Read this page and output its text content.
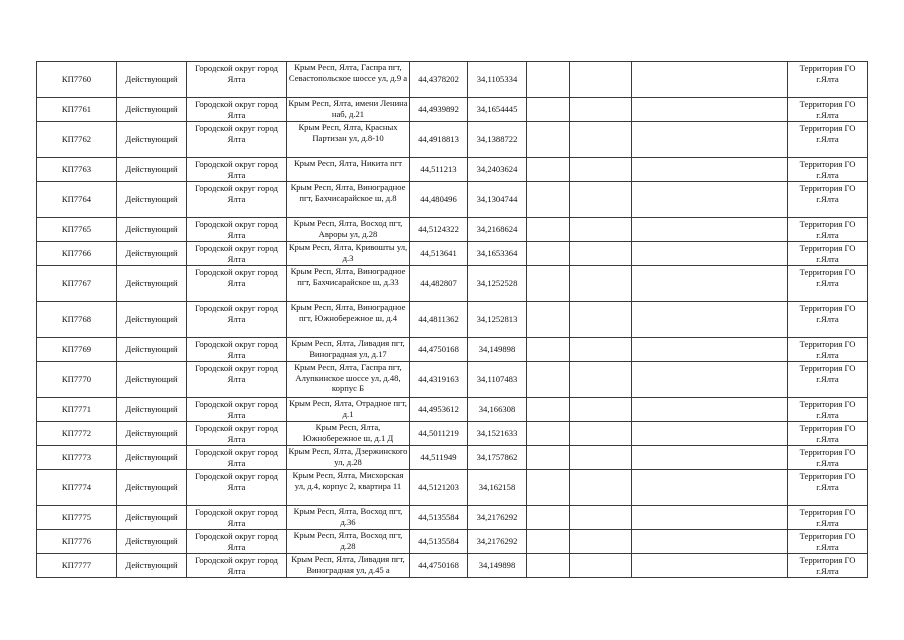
КП7760	Действующий	Городской округ город Ялта	Крым Респ, Ялта, Гаспра пгт, Севастопольское шоссе ул, д.9 а	44,4378202	34,1105334				Территория ГО г.Ялта
КП7761	Действующий	Городской округ город Ялта	Крым Респ, Ялта, имени Ленина наб, д.21	44,4939892	34,1654445				Территория ГО г.Ялта
КП7762	Действующий	Городской округ город Ялта	Крым Респ, Ялта, Красных Партизан ул, д.8-10	44,4918813	34,1388722				Территория ГО г.Ялта
КП7763	Действующий	Городской округ город Ялта	Крым Респ, Ялта, Никита пгт	44,511213	34,2403624				Территория ГО г.Ялта
КП7764	Действующий	Городской округ город Ялта	Крым Респ, Ялта, Виноградное пгт, Бахчисарайское ш, д.8	44,480496	34,1304744				Территория ГО г.Ялта
КП7765	Действующий	Городской округ город Ялта	Крым Респ, Ялта, Восход пгт, Авроры ул, д.28	44,5124322	34,2168624				Территория ГО г.Ялта
КП7766	Действующий	Городской округ город Ялта	Крым Респ, Ялта, Кривошты ул, д.3	44,513641	34,1653364				Территория ГО г.Ялта
КП7767	Действующий	Городской округ город Ялта	Крым Респ, Ялта, Виноградное пгт, Бахчисарайское ш, д.33	44,482807	34,1252528				Территория ГО г.Ялта
КП7768	Действующий	Городской округ город Ялта	Крым Респ, Ялта, Виноградное пгт, Южнобережное ш, д.4	44,4811362	34,1252813				Территория ГО г.Ялта
КП7769	Действующий	Городской округ город Ялта	Крым Респ, Ялта, Ливадия пгт, Виноградная ул, д.17	44,4750168	34,149898				Территория ГО г.Ялта
КП7770	Действующий	Городской округ город Ялта	Крым Респ, Ялта, Гаспра пгт, Алупкинское шоссе ул, д.48, корпус Б	44,4319163	34,1107483				Территория ГО г.Ялта
КП7771	Действующий	Городской округ город Ялта	Крым Респ, Ялта, Отрадное пгт, д.1	44,4953612	34,166308				Территория ГО г.Ялта
КП7772	Действующий	Городской округ город Ялта	Крым Респ, Ялта, Южнобережное ш, д.1 Д	44,5011219	34,1521633				Территория ГО г.Ялта
КП7773	Действующий	Городской округ город Ялта	Крым Респ, Ялта, Дзержинского ул, д.28	44,511949	34,1757862				Территория ГО г.Ялта
КП7774	Действующий	Городской округ город Ялта	Крым Респ, Ялта, Мисхорская ул, д.4, корпус 2, квартира 11	44,5121203	34,162158				Территория ГО г.Ялта
КП7775	Действующий	Городской округ город Ялта	Крым Респ, Ялта, Восход пгт, д.36	44,5135584	34,2176292				Территория ГО г.Ялта
КП7776	Действующий	Городской округ город Ялта	Крым Респ, Ялта, Восход пгт, д.28	44,5135584	34,2176292				Территория ГО г.Ялта
КП7777	Действующий	Городской округ город Ялта	Крым Респ, Ялта, Ливадия пгт, Виноградная ул, д.45 а	44,4750168	34,149898				Территория ГО г.Ялта
